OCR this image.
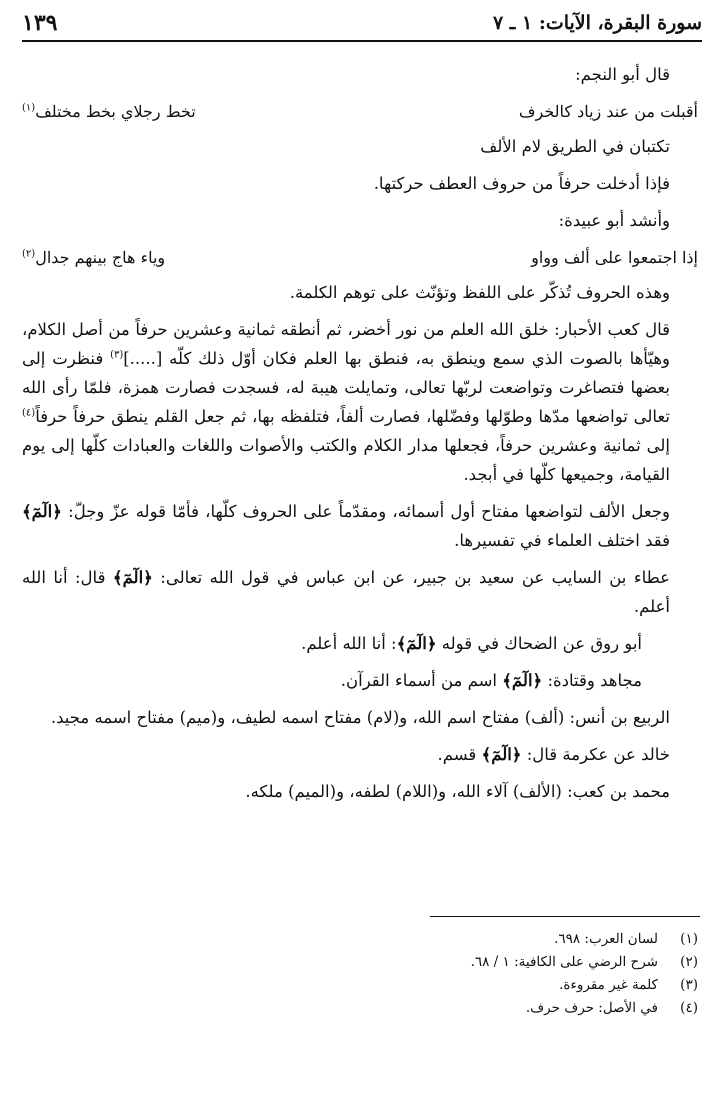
سورة البقرة، الآيات: ١ ـ ٧
١٣٩

قال أبو النجم:

أقبلت من عند زياد كالخرف
تخط رجلاي بخط مختلف$^{(١)}$

تكتبان في الطريق لام الألف

فإذا أدخلت حرفاً من حروف العطف حركتها.

وأنشد أبو عبيدة:

إذا اجتمعوا على ألف وواو
وياء هاج بينهم جدال$^{(٢)}$

وهذه الحروف تُذكّر على اللفظ وتؤنّث على توهم الكلمة.

قال كعب الأحبار: خلق الله العلم من نور أخضر، ثم أنطقه ثمانية وعشرين حرفاً من أصل الكلام، وهيّأها بالصوت الذي سمع وينطق به، فنطق بها العلم فكان أوّل ذلك كلّه [.....]$^{(٣)}$ فنظرت إلى بعضها فتصاغرت وتواضعت لربّها تعالى، وتمايلت هيبة له، فسجدت فصارت همزة، فلمّا رأى الله تعالى تواضعها مدّها وطوّلها وفضّلها، فصارت ألفاً، فتلفظه بها، ثم جعل القلم ينطق حرفاً حرفاً$^{(٤)}$ إلى ثمانية وعشرين حرفاً، فجعلها مدار الكلام والكتب والأصوات واللغات والعبادات كلّها إلى يوم القيامة، وجميعها كلّها في أبجد.

وجعل الألف لتواضعها مفتاح أول أسمائه، ومقدّماً على الحروف كلّها، فأمّا قوله عزّ وجلّ: ﴿الٓمٓ﴾ فقد اختلف العلماء في تفسيرها.

عطاء بن السايب عن سعيد بن جبير، عن ابن عباس في قول الله تعالى: ﴿الٓمٓ﴾ قال: أنا الله أعلم.

أبو روق عن الضحاك في قوله ﴿الٓمٓ﴾: أنا الله أعلم.

مجاهد وقتادة: ﴿الٓمٓ﴾ اسم من أسماء القرآن.

الربيع بن أنس: (ألف) مفتاح اسم الله، و(لام) مفتاح اسمه لطيف، و(ميم) مفتاح اسمه مجيد.

خالد عن عكرمة قال: ﴿الٓمٓ﴾ قسم.

محمد بن كعب: (الألف) آلاء الله، و(اللام) لطفه، و(الميم) ملكه.

(١)
لسان العرب: ٦٩٨.
(٢)
شرح الرضي على الكافية: ١ / ٦٨.
(٣)
كلمة غير مقروءة.
(٤)
في الأصل: حرف حرف.
